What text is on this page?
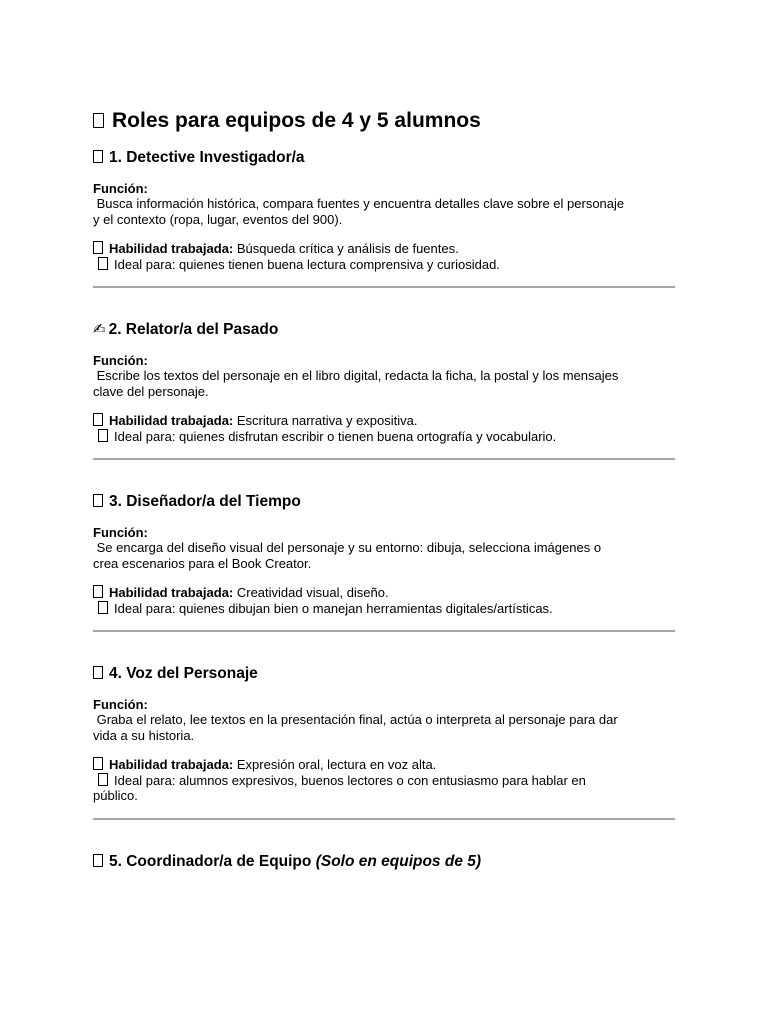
Roles para equipos de 4 y 5 alumnos
1. Detective Investigador/a
Función:
Busca información histórica, compara fuentes y encuentra detalles clave sobre el personaje
y el contexto (ropa, lugar, eventos del 900).
Habilidad trabajada: Búsqueda crítica y análisis de fuentes.
Ideal para: quienes tienen buena lectura comprensiva y curiosidad.
✍ 2. Relator/a del Pasado
Función:
Escribe los textos del personaje en el libro digital, redacta la ficha, la postal y los mensajes
clave del personaje.
Habilidad trabajada: Escritura narrativa y expositiva.
Ideal para: quienes disfrutan escribir o tienen buena ortografía y vocabulario.
3. Diseñador/a del Tiempo
Función:
Se encarga del diseño visual del personaje y su entorno: dibuja, selecciona imágenes o
crea escenarios para el Book Creator.
Habilidad trabajada: Creatividad visual, diseño.
Ideal para: quienes dibujan bien o manejan herramientas digitales/artísticas.
4. Voz del Personaje
Función:
Graba el relato, lee textos en la presentación final, actúa o interpreta al personaje para dar
vida a su historia.
Habilidad trabajada: Expresión oral, lectura en voz alta.
Ideal para: alumnos expresivos, buenos lectores o con entusiasmo para hablar en
público.
5. Coordinador/a de Equipo (Solo en equipos de 5)
